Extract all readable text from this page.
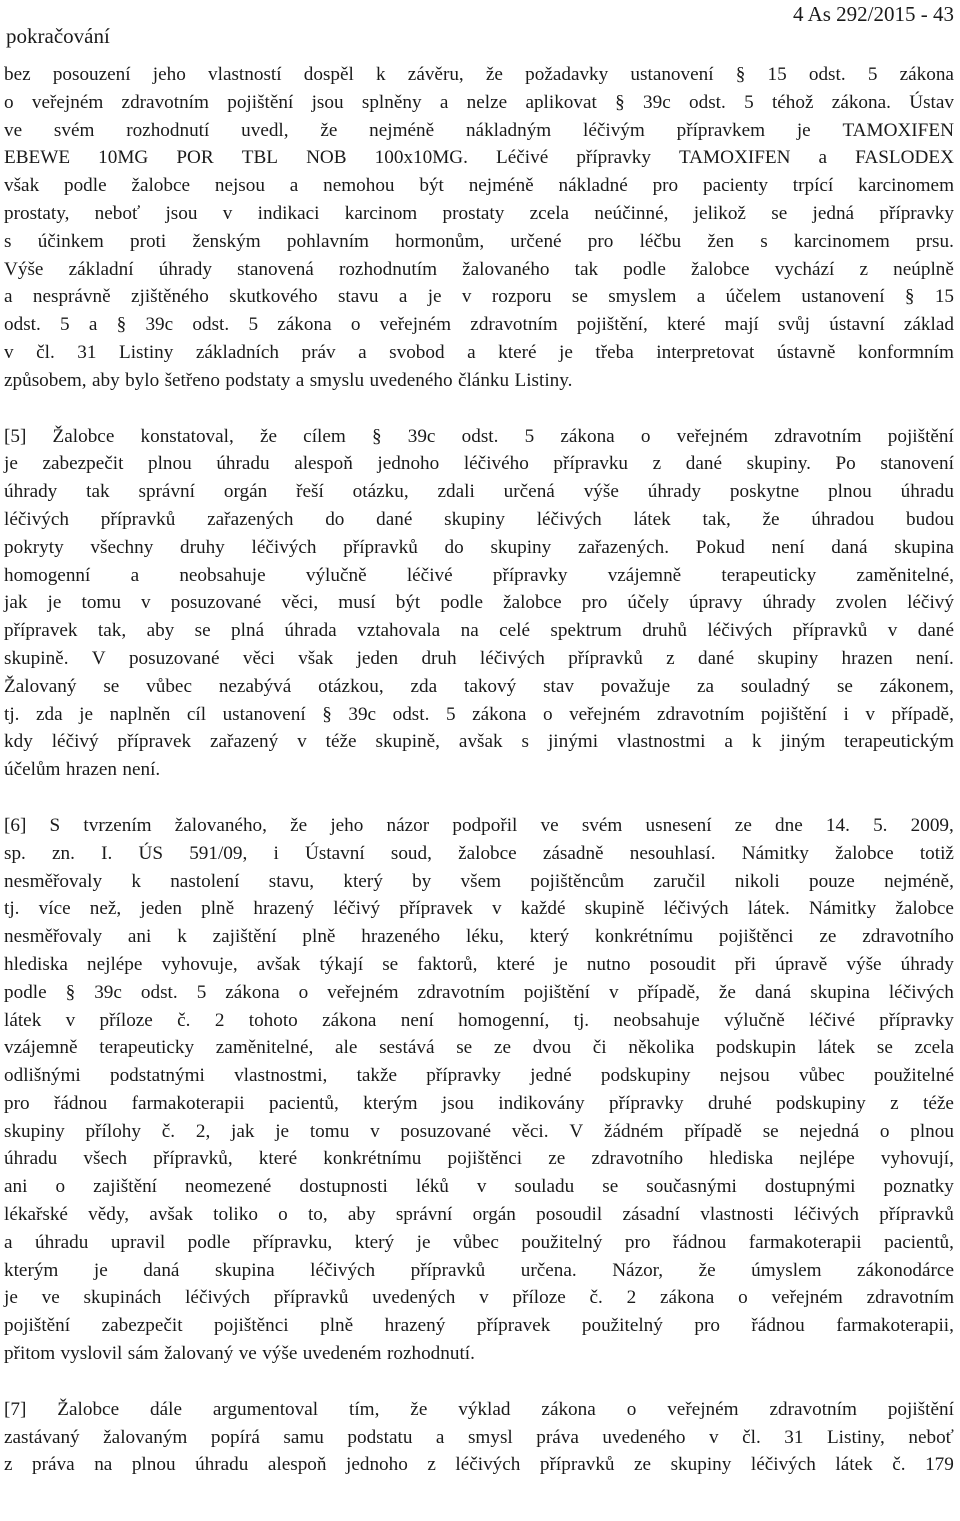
pokračování
4 As 292/2015 - 43
bez posouzení jeho vlastností dospěl k závěru, že požadavky ustanovení § 15 odst. 5 zákona
o veřejném zdravotním pojištění jsou splněny a nelze aplikovat § 39c odst. 5 téhož zákona. Ústav
ve svém rozhodnutí uvedl, že nejméně nákladným léčivým přípravkem je TAMOXIFEN
EBEWE 10MG POR TBL NOB 100x10MG. Léčivé přípravky TAMOXIFEN a FASLODEX
však podle žalobce nejsou a nemohou být nejméně nákladné pro pacienty trpící karcinomem
prostaty, neboť jsou v indikaci karcinom prostaty zcela neúčinné, jelikož se jedná přípravky
s účinkem proti ženským pohlavním hormonům, určené pro léčbu žen s karcinomem prsu.
Výše základní úhrady stanovená rozhodnutím žalovaného tak podle žalobce vychází z neúplně
a nesprávně zjištěného skutkového stavu a je v rozporu se smyslem a účelem ustanovení § 15
odst. 5 a § 39c odst. 5 zákona o veřejném zdravotním pojištění, které mají svůj ústavní základ
v čl. 31 Listiny základních práv a svobod a které je třeba interpretovat ústavně konformním
způsobem, aby bylo šetřeno podstaty a smyslu uvedeného článku Listiny.
[5] Žalobce konstatoval, že cílem § 39c odst. 5 zákona o veřejném zdravotním pojištění
je zabezpečit plnou úhradu alespoň jednoho léčivého přípravku z dané skupiny. Po stanovení
úhrady tak správní orgán řeší otázku, zdali určená výše úhrady poskytne plnou úhradu
léčivých přípravků zařazených do dané skupiny léčivých látek tak, že úhradou budou
pokryty všechny druhy léčivých přípravků do skupiny zařazených. Pokud není daná skupina
homogenní a neobsahuje výlučně léčivé přípravky vzájemně terapeuticky zaměnitelné,
jak je tomu v posuzované věci, musí být podle žalobce pro účely úpravy úhrady zvolen léčivý
přípravek tak, aby se plná úhrada vztahovala na celé spektrum druhů léčivých přípravků v dané
skupině. V posuzované věci však jeden druh léčivých přípravků z dané skupiny hrazen není.
Žalovaný se vůbec nezabývá otázkou, zda takový stav považuje za souladný se zákonem,
tj. zda je naplněn cíl ustanovení § 39c odst. 5 zákona o veřejném zdravotním pojištění i v případě,
kdy léčivý přípravek zařazený v téže skupině, avšak s jinými vlastnostmi a k jiným terapeutickým
účelům hrazen není.
[6] S tvrzením žalovaného, že jeho názor podpořil ve svém usnesení ze dne 14. 5. 2009,
sp. zn. I. ÚS 591/09, i Ústavní soud, žalobce zásadně nesouhlasí. Námitky žalobce totiž
nesměřovaly k nastolení stavu, který by všem pojištěncům zaručil nikoli pouze nejméně,
tj. více než, jeden plně hrazený léčivý přípravek v každé skupině léčivých látek. Námitky žalobce
nesměřovaly ani k zajištění plně hrazeného léku, který konkrétnímu pojištěnci ze zdravotního
hlediska nejlépe vyhovuje, avšak týkají se faktorů, které je nutno posoudit při úpravě výše úhrady
podle § 39c odst. 5 zákona o veřejném zdravotním pojištění v případě, že daná skupina léčivých
látek v příloze č. 2 tohoto zákona není homogenní, tj. neobsahuje výlučně léčivé přípravky
vzájemně terapeuticky zaměnitelné, ale sestává se ze dvou či několika podskupin látek se zcela
odlišnými podstatnými vlastnostmi, takže přípravky jedné podskupiny nejsou vůbec použitelné
pro řádnou farmakoterapii pacientů, kterým jsou indikovány přípravky druhé podskupiny z téže
skupiny přílohy č. 2, jak je tomu v posuzované věci. V žádném případě se nejedná o plnou
úhradu všech přípravků, které konkrétnímu pojištěnci ze zdravotního hlediska nejlépe vyhovují,
ani o zajištění neomezené dostupnosti léků v souladu se současnými dostupnými poznatky
lékařské vědy, avšak toliko o to, aby správní orgán posoudil zásadní vlastnosti léčivých přípravků
a úhradu upravil podle přípravku, který je vůbec použitelný pro řádnou farmakoterapii pacientů,
kterým je daná skupina léčivých přípravků určena. Názor, že úmyslem zákonodárce
je ve skupinách léčivých přípravků uvedených v příloze č. 2 zákona o veřejném zdravotním
pojištění zabezpečit pojištěnci plně hrazený přípravek použitelný pro řádnou farmakoterapii,
přitom vyslovil sám žalovaný ve výše uvedeném rozhodnutí.
[7] Žalobce dále argumentoval tím, že výklad zákona o veřejném zdravotním pojištění
zastávaný žalovaným popírá samu podstatu a smysl práva uvedeného v čl. 31 Listiny, neboť
z práva na plnou úhradu alespoň jednoho z léčivých přípravků ze skupiny léčivých látek č. 179
